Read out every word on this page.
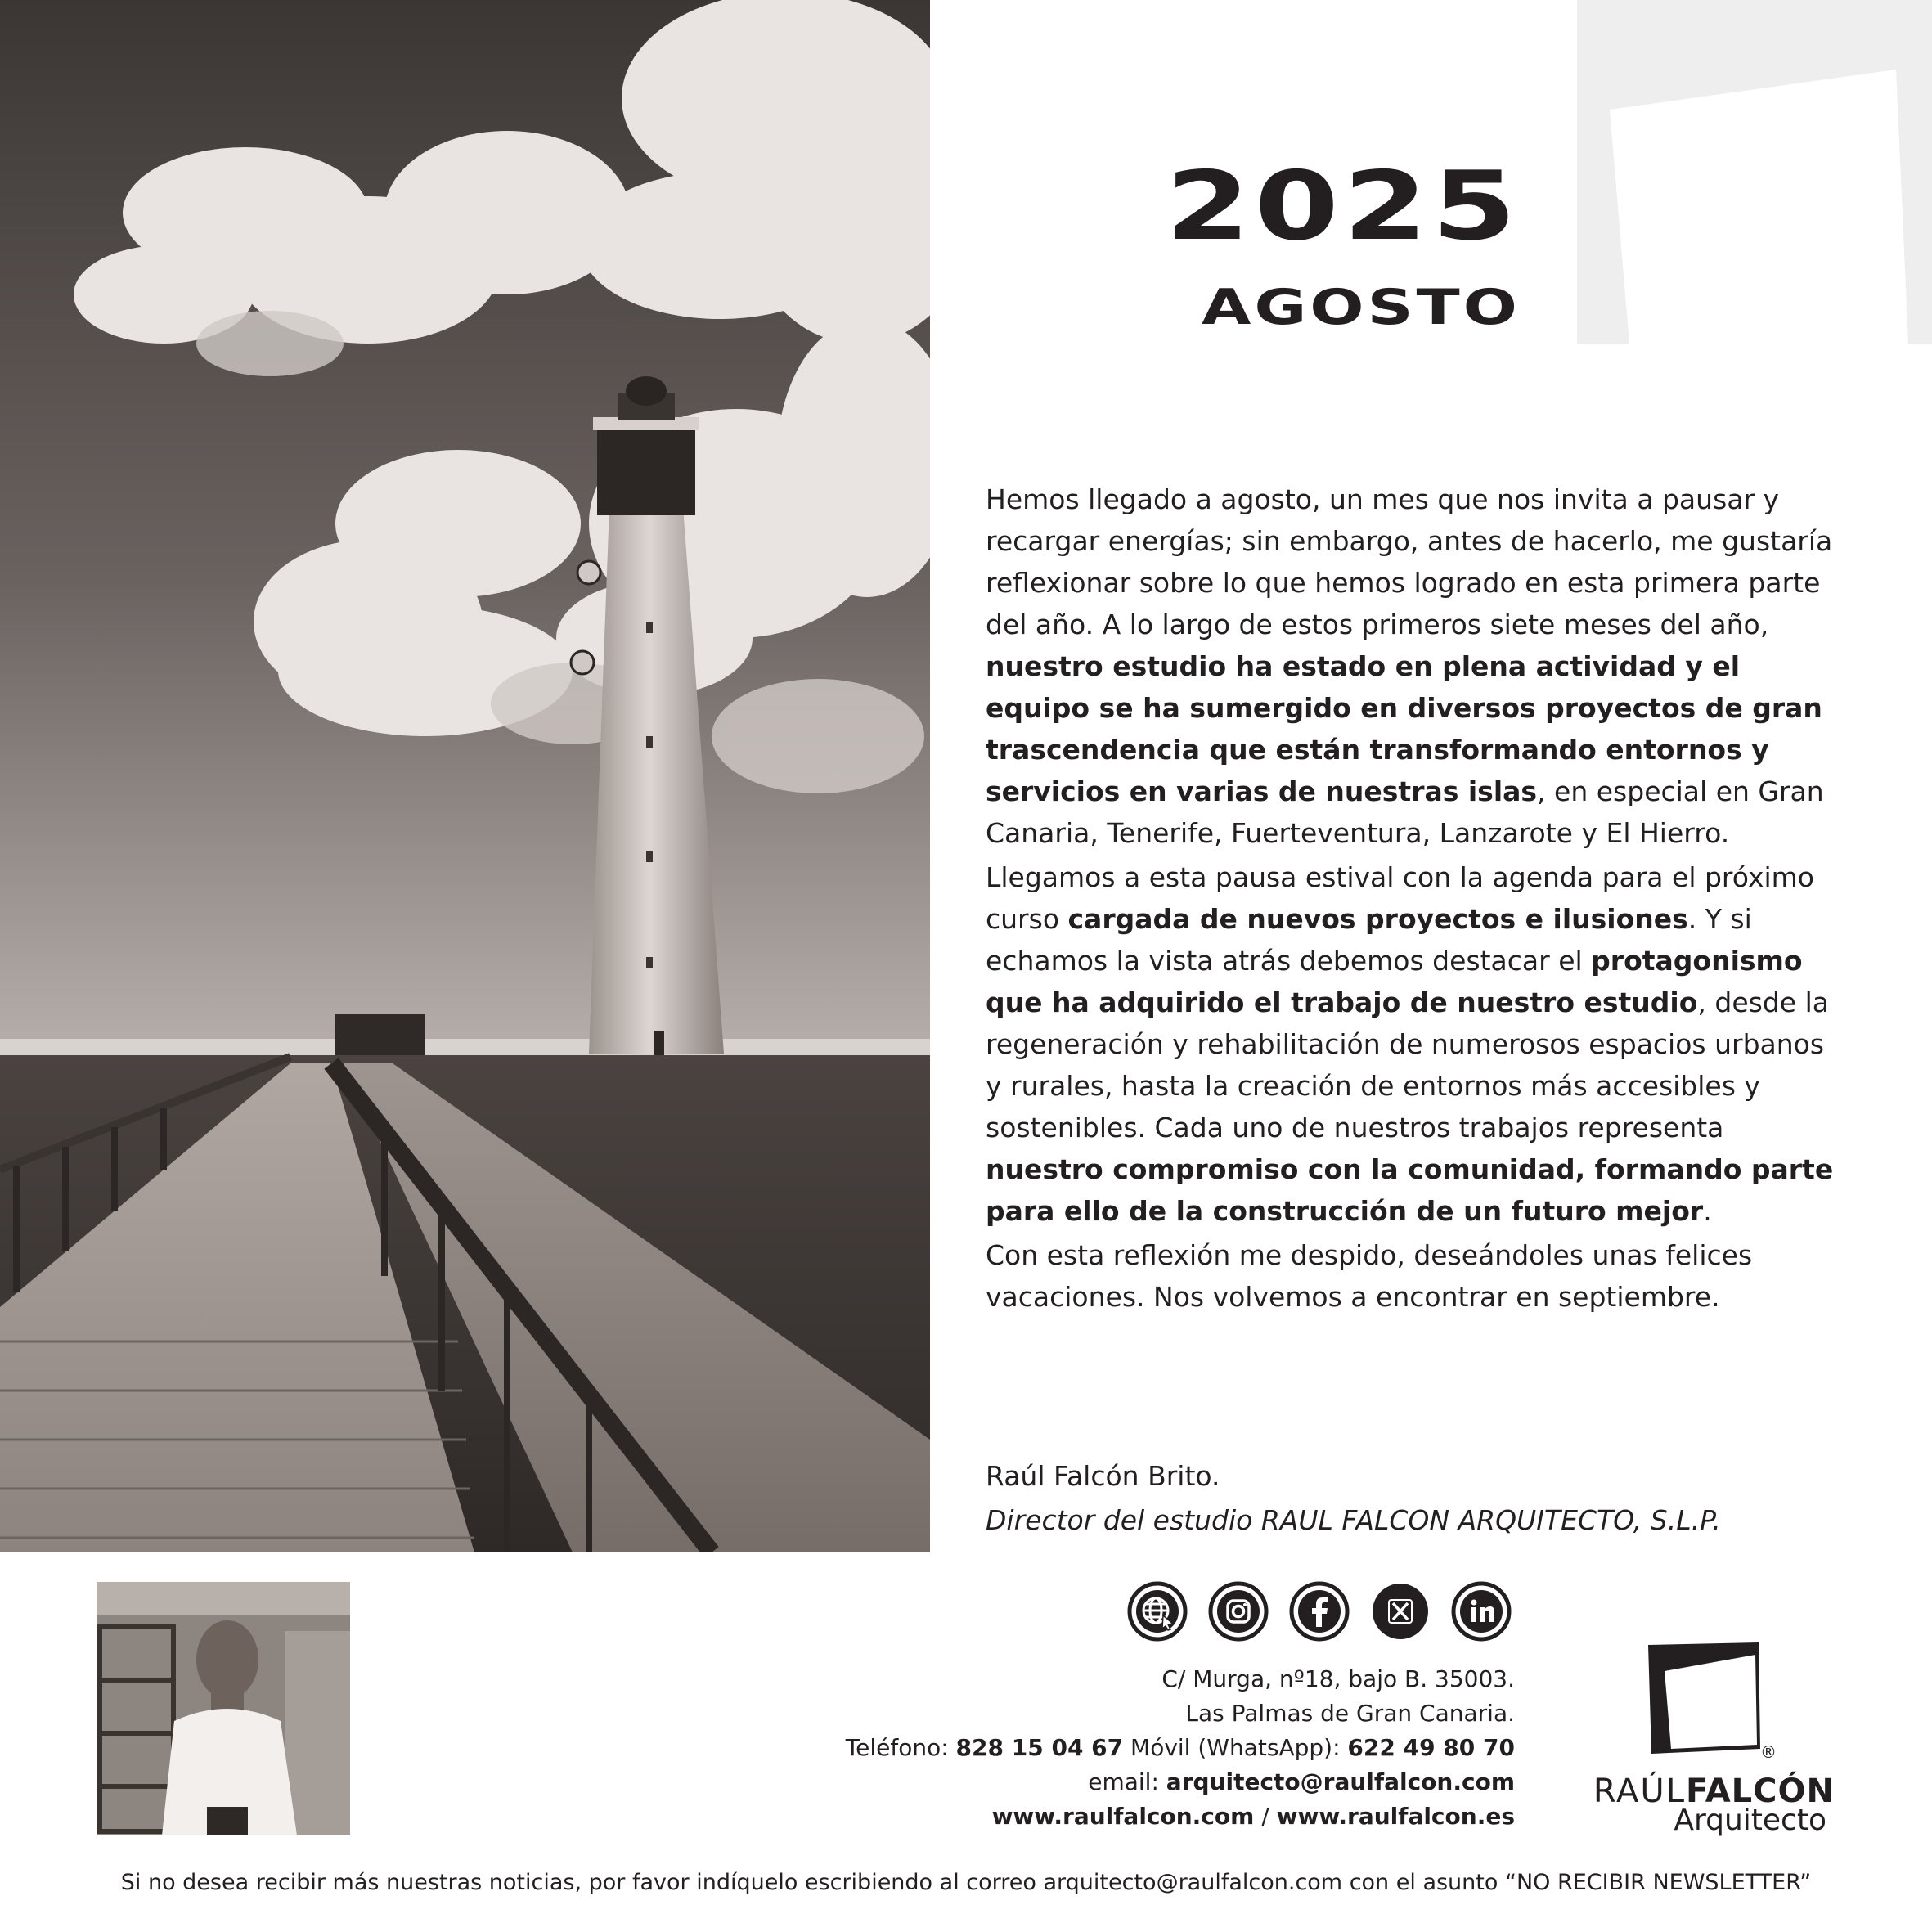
2025
AGOSTO

Hemos llegado a agosto, un mes que nos invita a pausar y recargar energías; sin embargo, antes de hacerlo, me gustaría reflexionar sobre lo que hemos logrado en esta primera parte del año. A lo largo de estos primeros siete meses del año, nuestro estudio ha estado en plena actividad y el equipo se ha sumergido en diversos proyectos de gran trascendencia que están transformando entornos y servicios en varias de nuestras islas, en especial en Gran Canaria, Tenerife, Fuerteventura, Lanzarote y El Hierro.

Llegamos a esta pausa estival con la agenda para el próximo curso cargada de nuevos proyectos e ilusiones. Y si echamos la vista atrás debemos destacar el protagonismo que ha adquirido el trabajo de nuestro estudio, desde la regeneración y rehabilitación de numerosos espacios urbanos y rurales, hasta la creación de entornos más accesibles y sostenibles. Cada uno de nuestros trabajos representa nuestro compromiso con la comunidad, formando parte para ello de la construcción de un futuro mejor.

Con esta reflexión me despido, deseándoles unas felices vacaciones. Nos volvemos a encontrar en septiembre.

Raúl Falcón Brito.
Director del estudio RAUL FALCON ARQUITECTO, S.L.P.
C/ Murga, nº18, bajo B. 35003.
Las Palmas de Gran Canaria.
Teléfono: 828 15 04 67 Móvil (WhatsApp): 622 49 80 70
email: arquitecto@raulfalcon.com
www.raulfalcon.com / www.raulfalcon.es
®
RAÚLFALCÓN
Arquitecto
Si no desea recibir más nuestras noticias, por favor indíquelo escribiendo al correo arquitecto@raulfalcon.com con el asunto “NO RECIBIR NEWSLETTER”
